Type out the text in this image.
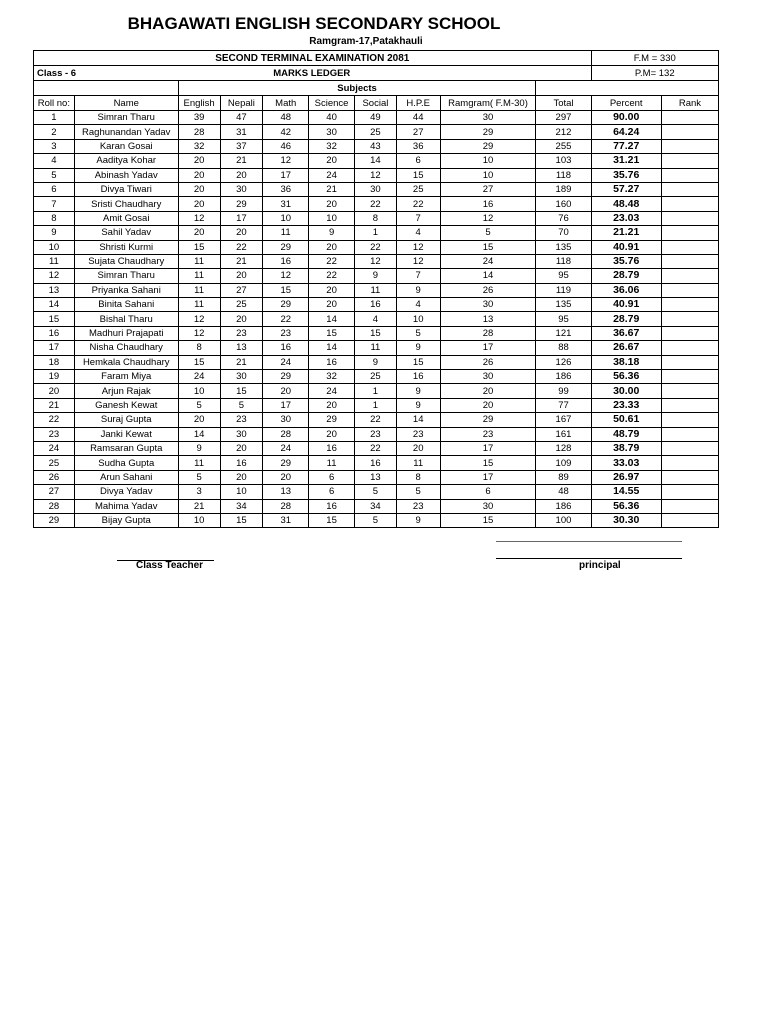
BHAGAWATI ENGLISH SECONDARY SCHOOL
Ramgram-17,Patakhauli
SECOND TERMINAL EXAMINATION 2081										F.M = 330	
Class - 6		MARKS LEDGER								P.M= 132	
		Subjects									
Roll no:	Name	English	Nepali	Math	Science	Social	H.P.E	Ramgram( F.M-30)	Total	Percent	Rank
1	Simran Tharu	39	47	48	40	49	44	30	297	90.00	
2	Raghunandan Yadav	28	31	42	30	25	27	29	212	64.24	
3	Karan Gosai	32	37	46	32	43	36	29	255	77.27	
4	Aaditya Kohar	20	21	12	20	14	6	10	103	31.21	
5	Abinash Yadav	20	20	17	24	12	15	10	118	35.76	
6	Divya Tiwari	20	30	36	21	30	25	27	189	57.27	
7	Sristi Chaudhary	20	29	31	20	22	22	16	160	48.48	
8	Amit Gosai	12	17	10	10	8	7	12	76	23.03	
9	Sahil Yadav	20	20	11	9	1	4	5	70	21.21	
10	Shristi Kurmi	15	22	29	20	22	12	15	135	40.91	
11	Sujata Chaudhary	11	21	16	22	12	12	24	118	35.76	
12	Simran Tharu	11	20	12	22	9	7	14	95	28.79	
13	Priyanka Sahani	11	27	15	20	11	9	26	119	36.06	
14	Binita Sahani	11	25	29	20	16	4	30	135	40.91	
15	Bishal Tharu	12	20	22	14	4	10	13	95	28.79	
16	Madhuri Prajapati	12	23	23	15	15	5	28	121	36.67	
17	Nisha Chaudhary	8	13	16	14	11	9	17	88	26.67	
18	Hemkala Chaudhary	15	21	24	16	9	15	26	126	38.18	
19	Faram Miya	24	30	29	32	25	16	30	186	56.36	
20	Arjun Rajak	10	15	20	24	1	9	20	99	30.00	
21	Ganesh Kewat	5	5	17	20	1	9	20	77	23.33	
22	Suraj Gupta	20	23	30	29	22	14	29	167	50.61	
23	Janki Kewat	14	30	28	20	23	23	23	161	48.79	
24	Ramsaran Gupta	9	20	24	16	22	20	17	128	38.79	
25	Sudha Gupta	11	16	29	11	16	11	15	109	33.03	
26	Arun Sahani	5	20	20	6	13	8	17	89	26.97	
27	Divya Yadav	3	10	13	6	5	5	6	48	14.55	
28	Mahima Yadav	21	34	28	16	34	23	30	186	56.36	
29	Bijay Gupta	10	15	31	15	5	9	15	100	30.30	
Class Teacher	principal
